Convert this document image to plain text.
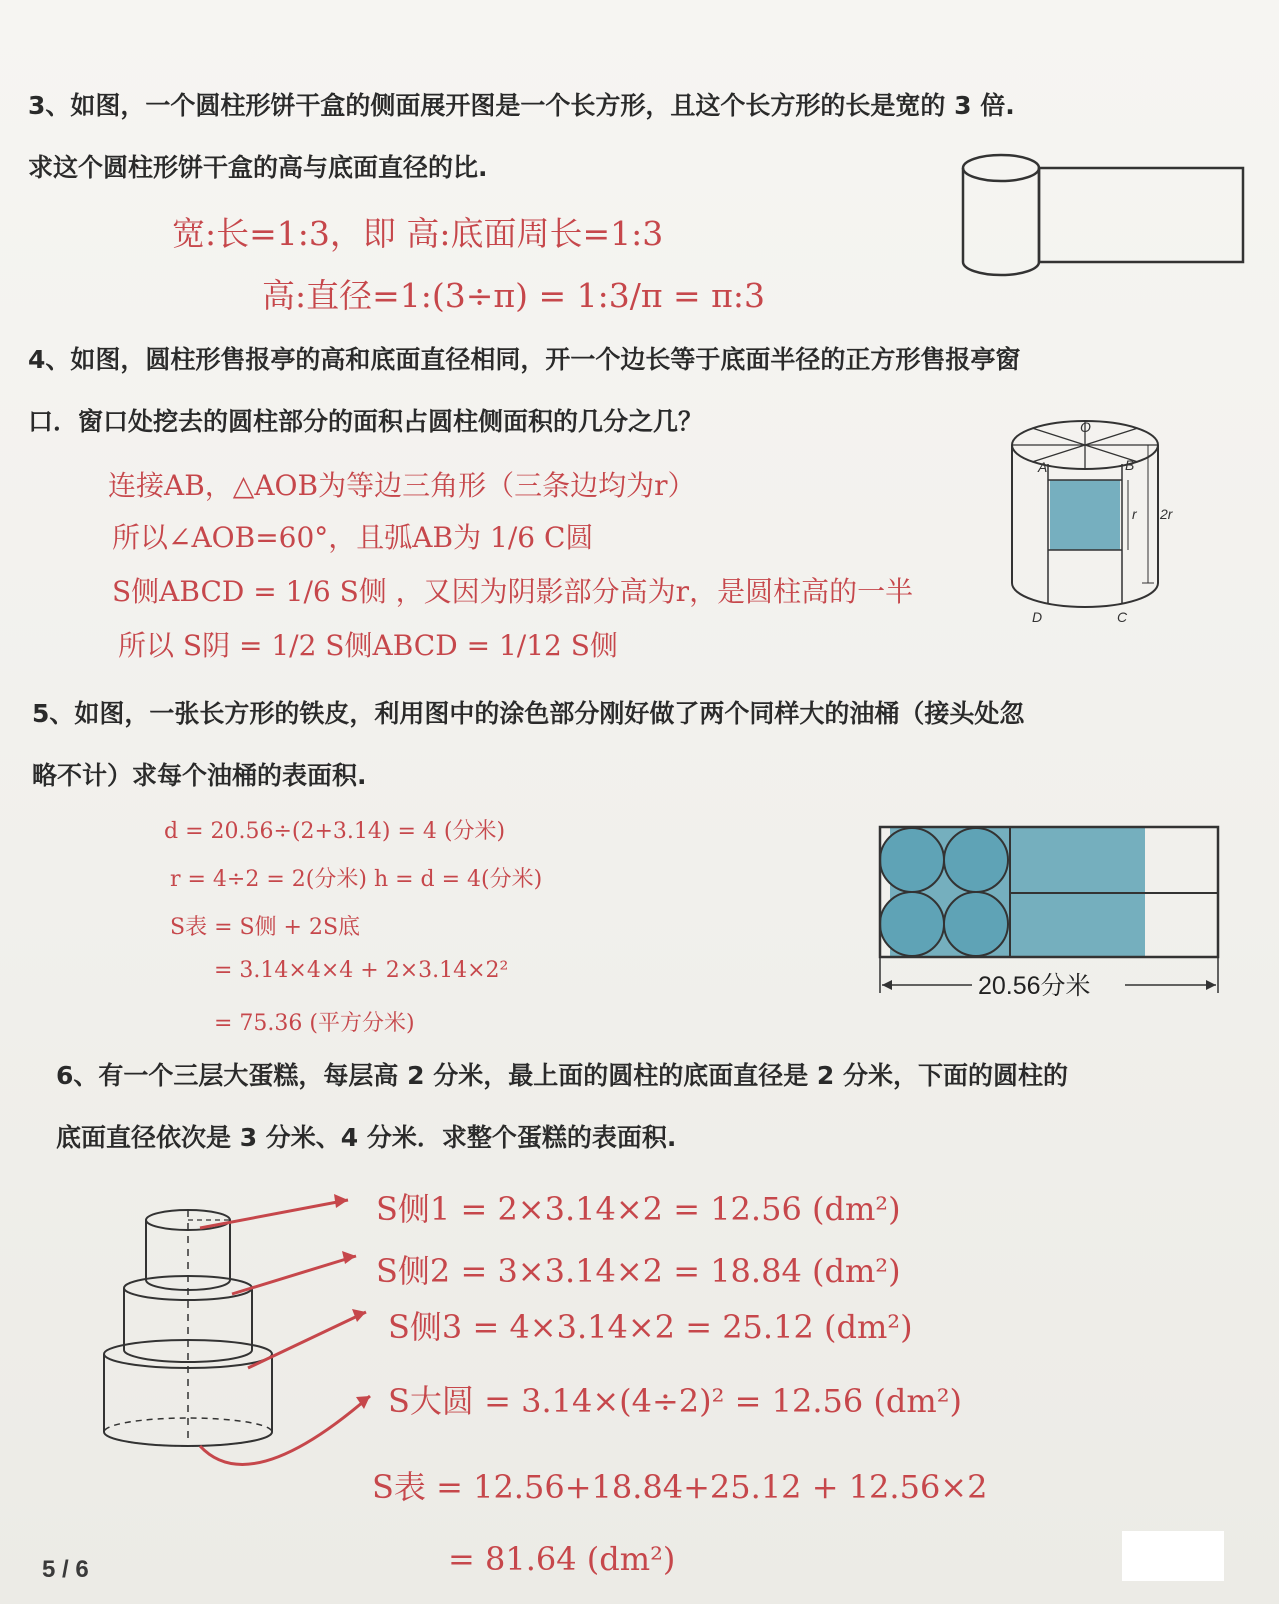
3、如图，一个圆柱形饼干盒的侧面展开图是一个长方形，且这个长方形的长是宽的 3 倍.
求这个圆柱形饼干盒的高与底面直径的比.
宽:长=1:3，即 高:底面周长=1:3
高:直径=1:(3÷π) = 1:3/π = π:3
4、如图，圆柱形售报亭的高和底面直径相同，开一个边长等于底面半径的正方形售报亭窗
口．窗口处挖去的圆柱部分的面积占圆柱侧面积的几分之几？
连接AB，△AOB为等边三角形（三条边均为r）
所以∠AOB=60°，且弧AB为 1/6 C圆
S侧ABCD = 1/6 S侧 ，又因为阴影部分高为r，是圆柱高的一半
所以 S阴 = 1/2 S侧ABCD = 1/12 S侧
O
A	B
r 2r
D	C
5、如图，一张长方形的铁皮，利用图中的涂色部分刚好做了两个同样大的油桶（接头处忽
略不计）求每个油桶的表面积.
d = 20.56÷(2+3.14) = 4 (分米)
r = 4÷2 = 2(分米) h = d = 4(分米)
S表 = S侧 + 2S底
= 3.14×4×4 + 2×3.14×2²
= 75.36 (平方分米)
20.56分米
6、有一个三层大蛋糕，每层高 2 分米，最上面的圆柱的底面直径是 2 分米，下面的圆柱的
底面直径依次是 3 分米、4 分米．求整个蛋糕的表面积.
S侧1 = 2×3.14×2 = 12.56 (dm²)
S侧2 = 3×3.14×2 = 18.84 (dm²)
S侧3 = 4×3.14×2 = 25.12 (dm²)
S大圆 = 3.14×(4÷2)² = 12.56 (dm²)
S表 = 12.56+18.84+25.12 + 12.56×2
= 81.64 (dm²)
5 / 6
